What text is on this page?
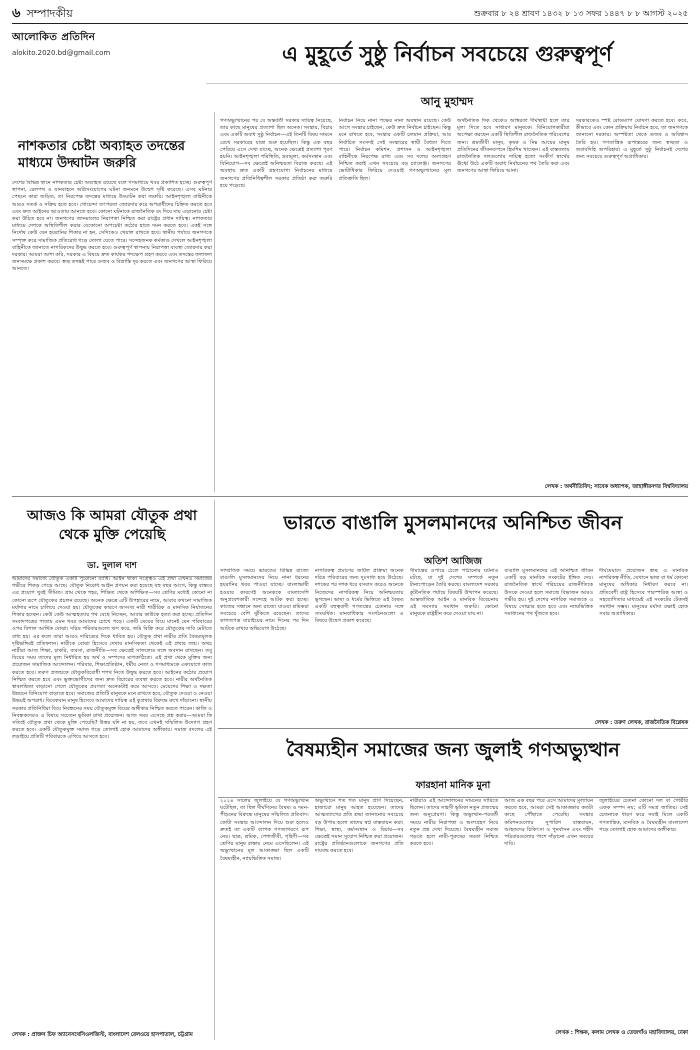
৬ সম্পাদকীয়	শুক্রবার ৮ ২৪ শ্রাবণ ১৪৩২ ৮ ১৩ সফর ১৪৪৭ ৮ ৮ আগস্ট ২০২৫
আলোকিত প্রতিদিন
alokito.2020.bd@gmail.com	এ মুহূর্তে সুষ্ঠু নির্বাচন সবচেয়ে গুরুত্বপূর্ণ
আনু মুহাম্মদ
নাশকতার চেষ্টা অব্যাহত তদন্তের মাধ্যমে উদ্ঘাটন জরুরি
দেশের বিভিন্ন স্থানে নাশকতার চেষ্টা অব্যাহত রয়েছে বলে গণমাধ্যমে খবর প্রকাশিত হচ্ছে। গুরুত্বপূর্ণ স্থাপনা, রেলপথ ও যানবাহনে অগ্নিসংযোগের ঘটনা জনমনে উদ্বেগ সৃষ্টি করেছে। এসব ঘটনার পেছনে কারা জড়িত, তা নিরপেক্ষ তদন্তের মাধ্যমে উদ্ঘাটন করা জরুরি। আইনশৃঙ্খলা বাহিনীকে আরও সতর্ক ও সক্রিয় হতে হবে। গোয়েন্দা তৎপরতা জোরদার করে অপরাধীদের চিহ্নিত করতে হবে এবং দ্রুত আইনের আওতায় আনতে হবে। কোনো ঘটনাকে রাজনৈতিক রং দিয়ে দায় এড়ানোর চেষ্টা করা উচিত হবে না। জনগণের জানমালের নিরাপত্তা নিশ্চিত করা রাষ্ট্রের প্রধান দায়িত্ব। নাশকতার মাধ্যমে দেশকে অস্থিতিশীল করার যেকোনো অপচেষ্টা কঠোর হাতে দমন করতে হবে। একই সঙ্গে নির্দোষ কেউ যেন হয়রানির শিকার না হন, সেদিকেও খেয়াল রাখতে হবে। স্থানীয় পর্যায়ে জনগণকে সম্পৃক্ত করে সামাজিক প্রতিরোধ গড়ে তোলা যেতে পারে। সন্দেহজনক কর্মকাণ্ড দেখলে আইনশৃঙ্খলা বাহিনীকে জানাতে নাগরিকদের উদ্বুদ্ধ করতে হবে। গুরুত্বপূর্ণ স্থাপনায় নিরাপত্তা ব্যবস্থা জোরদার করা দরকার। আমরা আশা করি, সরকার এ বিষয়ে দ্রুত কার্যকর পদক্ষেপ গ্রহণ করবে এবং তদন্তের ফলাফল জনসমক্ষে প্রকাশ করবে। স্বচ্ছ তদন্তই পারে গুজব ও বিভ্রান্তি দূর করতে এবং জনগণের আস্থা ফিরিয়ে আনতে।
গণঅভ্যুত্থানের পর যে অন্তর্বর্তী সরকার দায়িত্ব নিয়েছে, তার কাছে মানুষের প্রত্যাশা ছিল অনেক। সংস্কার, বিচার এবং একটি অবাধ সুষ্ঠু নির্বাচন—এই তিনটি বিষয় সামনে রেখে সরকারের যাত্রা শুরু হয়েছিল। কিন্তু এক বছর পেরিয়ে এসে দেখা যাচ্ছে, অনেক ক্ষেত্রেই প্রত্যাশা পূরণ হয়নি। আইনশৃঙ্খলা পরিস্থিতি, দ্রব্যমূল্য, কর্মসংস্থান এবং বিনিয়োগ—সব ক্ষেত্রেই অনিশ্চয়তা বিরাজ করছে। এই অবস্থায় দ্রুত একটি গ্রহণযোগ্য নির্বাচনের মাধ্যমে জনগণের প্রতিনিধিত্বশীল সরকার প্রতিষ্ঠা করা জরুরি হয়ে পড়েছে।
নির্বাচন নিয়ে নানা পক্ষের নানা অবস্থান রয়েছে। কেউ আগে সংস্কার চাইছেন, কেউ দ্রুত নির্বাচন চাইছেন। কিন্তু মনে রাখতে হবে, সংস্কার একটি চলমান প্রক্রিয়া, আর নির্বাচিত সংসদই সেই সংস্কারের স্থায়ী বৈধতা দিতে পারে। নির্বাচন কমিশন, প্রশাসন ও আইনশৃঙ্খলা বাহিনীকে নিরপেক্ষ রাখা এবং সব দলের অংশগ্রহণ নিশ্চিত করাই এখন সবচেয়ে বড় চ্যালেঞ্জ। জনগণের ভোটাধিকার ফিরিয়ে দেওয়াই গণঅভ্যুত্থানের মূল প্রতিশ্রুতি ছিল।
অর্থনৈতিক দিক থেকেও অস্থিরতা দীর্ঘস্থায়ী হলে তার মূল্য দিতে হবে সাধারণ মানুষকে। বিনিয়োগকারীরা অপেক্ষা করছেন একটি স্থিতিশীল রাজনৈতিক পরিবেশের জন্য। শ্রমজীবী মানুষ, কৃষক ও নিম্ন আয়ের মানুষ প্রতিদিনের জীবনযাপনে হিমশিম খাচ্ছেন। এই বাস্তবতায় রাজনৈতিক দলগুলোর দায়িত্ব হলো সংকীর্ণ স্বার্থের ঊর্ধ্বে উঠে একটি অবাধ নির্বাচনের পথ তৈরি করা এবং জনগণের আস্থা ফিরিয়ে আনা।
সরকারকেও স্পষ্ট রোডম্যাপ ঘোষণা করতে হবে। কবে, কীভাবে এবং কোন প্রক্রিয়ায় নির্বাচন হবে, তা জনগণকে জানানো দরকার। অস্পষ্টতা থেকে গুজব ও অবিশ্বাস তৈরি হয়। গণতান্ত্রিক রূপান্তরের জন্য স্বচ্ছতা ও জবাবদিহি অপরিহার্য। এ মুহূর্তে সুষ্ঠু নির্বাচনই দেশের জন্য সবচেয়ে গুরুত্বপূর্ণ অগ্রাধিকার।
লেখক : অর্থনীতিবিদ; সাবেক অধ্যাপক, জাহাঙ্গীরনগর বিশ্ববিদ্যালয়
আজও কি আমরা যৌতুক প্রথা থেকে মুক্তি পেয়েছি
ডা. দুলাল দাশ
ভারতে বাঙালি মুসলমানদের অনিশ্চিত জীবন
অতিশ আজিজ
আমাদের সমাজে যৌতুক একটি পুরোনো ব্যাধি। আইন থাকা সত্ত্বেও এই প্রথা এখনও সমাজের গভীরে শিকড় গেড়ে আছে। যৌতুক নিরোধ আইন প্রণয়ন করা হয়েছে বহু বছর আগে, কিন্তু বাস্তবে এর প্রয়োগ খুবই সীমিত। গ্রাম থেকে শহর, শিক্ষিত থেকে অশিক্ষিত—সব শ্রেণির মধ্যেই কোনো না কোনো রূপে যৌতুকের প্রচলন রয়েছে। অনেক ক্ষেত্রে এটি উপহারের নামে, আবার কখনো সামাজিক মর্যাদার নামে চালিয়ে দেওয়া হয়। যৌতুকের কারণে অসংখ্য নারী শারীরিক ও মানসিক নির্যাতনের শিকার হচ্ছেন। কেউ কেউ আত্মহত্যার পথ বেছে নিচ্ছেন, আবার কাউকে হত্যা করা হচ্ছে। প্রতিদিন সংবাদপত্রের পাতায় এমন খবর আমাদের চোখে পড়ে। একটি মেয়ের বিয়ে মানেই যেন পরিবারের ওপর বিশাল আর্থিক বোঝা। দরিদ্র পরিবারগুলো ঋণ করে, জমি বিক্রি করে যৌতুকের দাবি মেটাতে বাধ্য হয়। এর ফলে তারা আরও দারিদ্র্যের দিকে ধাবিত হয়। যৌতুক প্রথা নারীর প্রতি বৈষম্যমূলক দৃষ্টিভঙ্গিরই প্রতিফলন। নারীকে বোঝা হিসেবে দেখার মানসিকতা থেকেই এই প্রথার জন্ম। অথচ নারীরা আজ শিক্ষা, চাকরি, ব্যবসা, রাজনীতি—সব ক্ষেত্রেই সাফল্যের সঙ্গে অবদান রাখছেন। তবু বিয়ের সময় তাদের মূল্য নির্ধারিত হয় অর্থ ও সম্পদের মাপকাঠিতে। এই প্রথা থেকে মুক্তির জন্য প্রয়োজন সামাজিক আন্দোলন। পরিবার, শিক্ষাপ্রতিষ্ঠান, ধর্মীয় নেতা ও গণমাধ্যমকে একযোগে কাজ করতে হবে। তরুণ প্রজন্মকে যৌতুকবিরোধী শপথ নিতে উদ্বুদ্ধ করতে হবে। আইনের কঠোর প্রয়োগ নিশ্চিত করতে হবে এবং ভুক্তভোগীদের জন্য দ্রুত বিচারের ব্যবস্থা করতে হবে। নারীর অর্থনৈতিক স্বাবলম্বিতা বাড়ানো গেলে যৌতুকের প্রবণতা অনেকটাই কমে আসবে। মেয়েদের শিক্ষা ও দক্ষতা উন্নয়নে বিনিয়োগ বাড়াতে হবে। সমাজের প্রতিটি মানুষকে মনে রাখতে হবে, যৌতুক দেওয়া ও নেওয়া উভয়ই অপরাধ। বিবেকবান মানুষ হিসেবে আমাদের দায়িত্ব এই কুপ্রথার বিরুদ্ধে রুখে দাঁড়ানো। স্থানীয় সরকার প্রতিনিধিরা বিয়ে নিবন্ধনের সময় যৌতুকমুক্ত বিয়ের অঙ্গীকার নিশ্চিত করতে পারেন। কাজি ও নিবন্ধকদেরও এ বিষয়ে সচেতন ভূমিকা রাখা প্রয়োজন। আজ সময় এসেছে প্রশ্ন করার—আমরা কি সত্যিই যৌতুক প্রথা থেকে মুক্তি পেয়েছি? উত্তর যদি না হয়, তবে এখনই সম্মিলিত উদ্যোগ গ্রহণ করতে হবে। একটি যৌতুকমুক্ত সমাজ গড়ে তোলাই হোক আমাদের অঙ্গীকার। সমাজ বদলের এই লড়াইয়ে প্রতিটি পরিবারকে এগিয়ে আসতে হবে।
লেখক : প্রাক্তন চিফ অ্যানেসথেসিওলজিস্ট, বাংলাদেশ রেলওয়ে হাসপাতাল, চট্টগ্রাম
সাম্প্রতিক সময়ে ভারতের বিভিন্ন রাজ্যে বাঙালি মুসলমানদের নিয়ে নানা ধরনের হয়রানির খবর পাওয়া যাচ্ছে। বাংলাভাষী হওয়ার কারণেই অনেককে বাংলাদেশি অনুপ্রবেশকারী সন্দেহে আটক করা হচ্ছে। কাজের সন্ধানে অন্য রাজ্যে যাওয়া শ্রমিকরা সবচেয়ে বেশি ঝুঁকিতে রয়েছেন। তাদের কাগজপত্র যাচাইয়ের নামে দিনের পর দিন আটকে রাখার অভিযোগ উঠেছে।
নাগরিকত্ব প্রমাণের জটিল প্রক্রিয়া অনেক দরিদ্র পরিবারের জন্য দুঃসাধ্য হয়ে উঠেছে। দশকের পর দশক ধরে বসবাস করেও অনেকে নিজেদের নাগরিকত্ব নিয়ে অনিশ্চয়তায় ভুগছেন। ভাষা ও ধর্মের ভিত্তিতে এই বৈষম্য একটি বহুত্ববাদী গণতন্ত্রের চেতনার সঙ্গে সাংঘর্ষিক। মানবাধিকার সংগঠনগুলো এ বিষয়ে উদ্বেগ প্রকাশ করেছে।
সীমান্তের ওপারে ঠেলে পাঠানোর ঘটনাও ঘটছে, যা দুই দেশের সম্পর্কে নতুন টানাপোড়েন তৈরি করছে। বাংলাদেশ সরকার কূটনৈতিক পর্যায়ে বিষয়টি উত্থাপন করেছে। আন্তর্জাতিক আইন ও মানবিক বিবেচনায় এই সমস্যার সমাধান জরুরি। কোনো মানুষকে রাষ্ট্রহীন করে দেওয়া যায় না।
বাঙালি মুসলমানদের এই অনিশ্চিত জীবন একটি বড় মানবিক সংকটের ইঙ্গিত দেয়। রাজনৈতিক স্বার্থে পরিচয়ের রাজনীতিকে উসকে দেওয়া হলে সমাজে বিভাজন আরও গভীর হয়। দুই দেশের নাগরিক সমাজকে এ বিষয়ে সোচ্চার হতে হবে এবং ন্যায়ভিত্তিক সমাধানের পথ খুঁজতে হবে।
দীর্ঘমেয়াদে প্রয়োজন স্বচ্ছ ও মানবিক নাগরিকত্ব নীতি, যেখানে ভাষা বা ধর্ম কোনো মানুষের অধিকার নির্ধারণ করবে না। প্রতিবেশী রাষ্ট্র হিসেবে পারস্পরিক আস্থা ও সহযোগিতার মাধ্যমেই এই সংকটের টেকসই সমাধান সম্ভব। মানুষের মর্যাদা রক্ষাই হোক সবার অগ্রাধিকার।
লেখক : তরুণ লেখক, রাজনৈতিক বিশ্লেষক
বৈষম্যহীন সমাজের জন্য জুলাই গণঅভ্যুত্থান
ফারহানা মানিক মুনা
২০২৪ সালের জুলাইয়ে যে গণঅভ্যুত্থান ঘটেছিল, তা ছিল দীর্ঘদিনের বৈষম্য ও দমন-পীড়নের বিরুদ্ধে মানুষের সম্মিলিত প্রতিবাদ। কোটা সংস্কার আন্দোলন দিয়ে শুরু হলেও দ্রুতই তা একটি ব্যাপক গণজাগরণে রূপ নেয়। ছাত্র, শ্রমিক, পেশাজীবী, গৃহিণী—সব শ্রেণির মানুষ রাস্তায় নেমে এসেছিলেন। এই অভ্যুত্থানের মূল আকাঙ্ক্ষা ছিল একটি বৈষম্যহীন, ন্যায়ভিত্তিক সমাজ।
অভ্যুত্থানে শত শত মানুষ প্রাণ দিয়েছেন, হাজারো মানুষ আহত হয়েছেন। তাদের আত্মত্যাগের প্রতি শ্রদ্ধা জানানোর সবচেয়ে বড় উপায় হলো তাদের স্বপ্ন বাস্তবায়ন করা। শিক্ষা, স্বাস্থ্য, কর্মসংস্থান ও বিচার—সব ক্ষেত্রেই সমান সুযোগ নিশ্চিত করা প্রয়োজন। রাষ্ট্রের প্রতিষ্ঠানগুলোকে জনগণের প্রতি দায়বদ্ধ করতে হবে।
নারীরাও এই আন্দোলনের সামনের সারিতে ছিলেন। তাদের সাহসী ভূমিকা নতুন প্রজন্মের জন্য অনুপ্রেরণা। কিন্তু অভ্যুত্থান-পরবর্তী সময়ে নারীর নিরাপত্তা ও অংশগ্রহণ নিয়ে নতুন প্রশ্ন দেখা দিয়েছে। বৈষম্যহীন সমাজ গড়তে হলে নারী-পুরুষের সমতা নিশ্চিত করতে হবে।
আজ এক বছর পরে এসে আমাদের মূল্যায়ন করতে হবে, আমরা সেই আকাঙ্ক্ষার কতটা কাছে পৌঁছাতে পেরেছি। সংস্কার কমিশনগুলোর সুপারিশ বাস্তবায়ন, আহতদের চিকিৎসা ও পুনর্বাসন এবং শহীদ পরিবারগুলোর পাশে দাঁড়ানো এখন সময়ের দাবি।
জুলাইয়ের চেতনা কোনো দল বা গোষ্ঠীর একক সম্পদ নয়; এটি সমগ্র জাতির। সেই চেতনাকে ধারণ করে সবাই মিলে একটি গণতান্ত্রিক, মানবিক ও বৈষম্যহীন বাংলাদেশ গড়ে তোলাই হোক আমাদের অঙ্গীকার।
লেখক : শিক্ষক, কলাম লেখক ও তেজগাঁও মহাবিদ্যালয়, ঢাকা
